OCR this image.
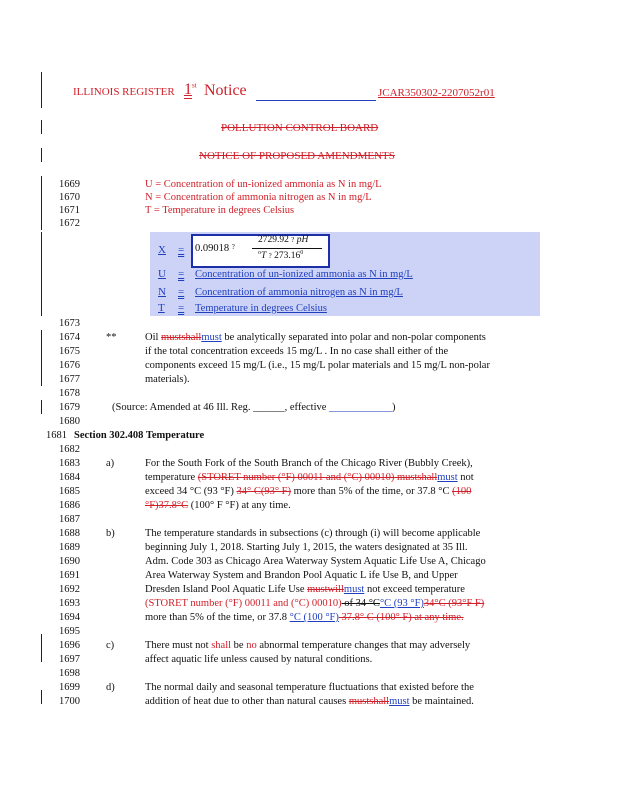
ILLINOIS REGISTER 1st Notice	JCAR350302-2207052r01
POLLUTION CONTROL BOARD
NOTICE OF PROPOSED AMENDMENTS
1669
1670
1671
1672
U = Concentration of un-ionized ammonia as N in mg/L
N = Concentration of ammonia nitrogen as N in mg/L
T = Temperature in degrees Celsius
X = 0.09018 ?
2729.92 ? pH
$^o$T ? 273.16$^0$
U = Concentration of un-ionized ammonia as N in mg/L
N = Concentration of ammonia nitrogen as N in mg/L
T = Temperature in degrees Celsius
1673
1674
1675
1676
1677
**	Oil mustshallmust be analytically separated into polar and non-polar components
if the total concentration exceeds 15 mg/L . In no case shall either of the
components exceed 15 mg/L (i.e., 15 mg/L polar materials and 15 mg/L non-polar
materials).
1678
1679	(Source: Amended at 46 Ill. Reg. ______, effective ____________)
1680
1681 Section 302.408 Temperature
1682
1683
1684
1685
1686
a)	For the South Fork of the South Branch of the Chicago River (Bubbly Creek),
temperature (STORET number (°F) 00011 and (°C) 00010) mustshallmust not
exceed 34 °C (93 °F) 34° C(93° F) more than 5% of the time, or 37.8 °C (100
°F)37.8°C (100° F °F) at any time.
1687
1688
1689
1690
1691
1692
1693
1694
b)	The temperature standards in subsections (c) through (i) will become applicable
beginning July 1, 2018. Starting July 1, 2015, the waters designated at 35 Ill.
Adm. Code 303 as Chicago Area Waterway System Aquatic Life Use A, Chicago
Area Waterway System and Brandon Pool Aquatic L ife Use B, and Upper
Dresden Island Pool Aquatic Life Use mustwillmust not exceed temperature
(STORET number (°F) 00011 and (°C) 00010) of 34 °C°C (93 °F)34°C (93°F F)
more than 5% of the time, or 37.8 °C (100 °F) 37.8° C (100° F) at any time.
1695
1696
1697
c)	There must not shall be no abnormal temperature changes that may adversely
affect aquatic life unless caused by natural conditions.
1698
1699
1700
d)	The normal daily and seasonal temperature fluctuations that existed before the
addition of heat due to other than natural causes mustshallmust be maintained.
